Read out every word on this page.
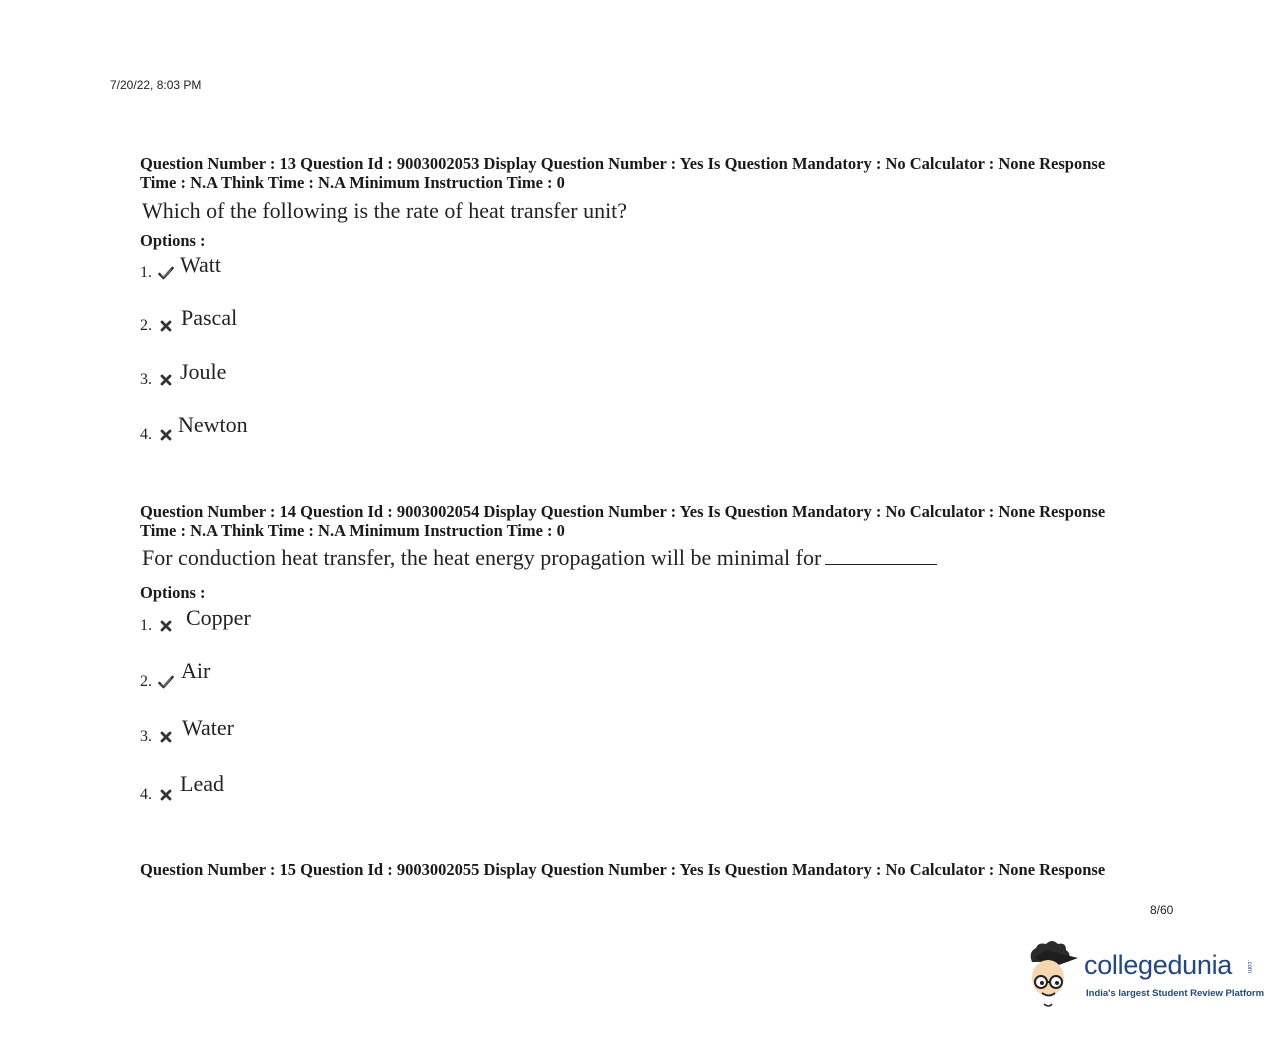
7/20/22, 8:03 PM
Question Number : 13 Question Id : 9003002053 Display Question Number : Yes Is Question Mandatory : No Calculator : None Response
Time : N.A Think Time : N.A Minimum Instruction Time : 0
Which of the following is the rate of heat transfer unit?
Options :
1. Watt
2. Pascal
3. Joule
4. Newton
Question Number : 14 Question Id : 9003002054 Display Question Number : Yes Is Question Mandatory : No Calculator : None Response
Time : N.A Think Time : N.A Minimum Instruction Time : 0
For conduction heat transfer, the heat energy propagation will be minimal for
Options :
1. Copper
2. Air
3. Water
4. Lead
Question Number : 15 Question Id : 9003002055 Display Question Number : Yes Is Question Mandatory : No Calculator : None Response
8/60
collegedunia .com
India's largest Student Review Platform
